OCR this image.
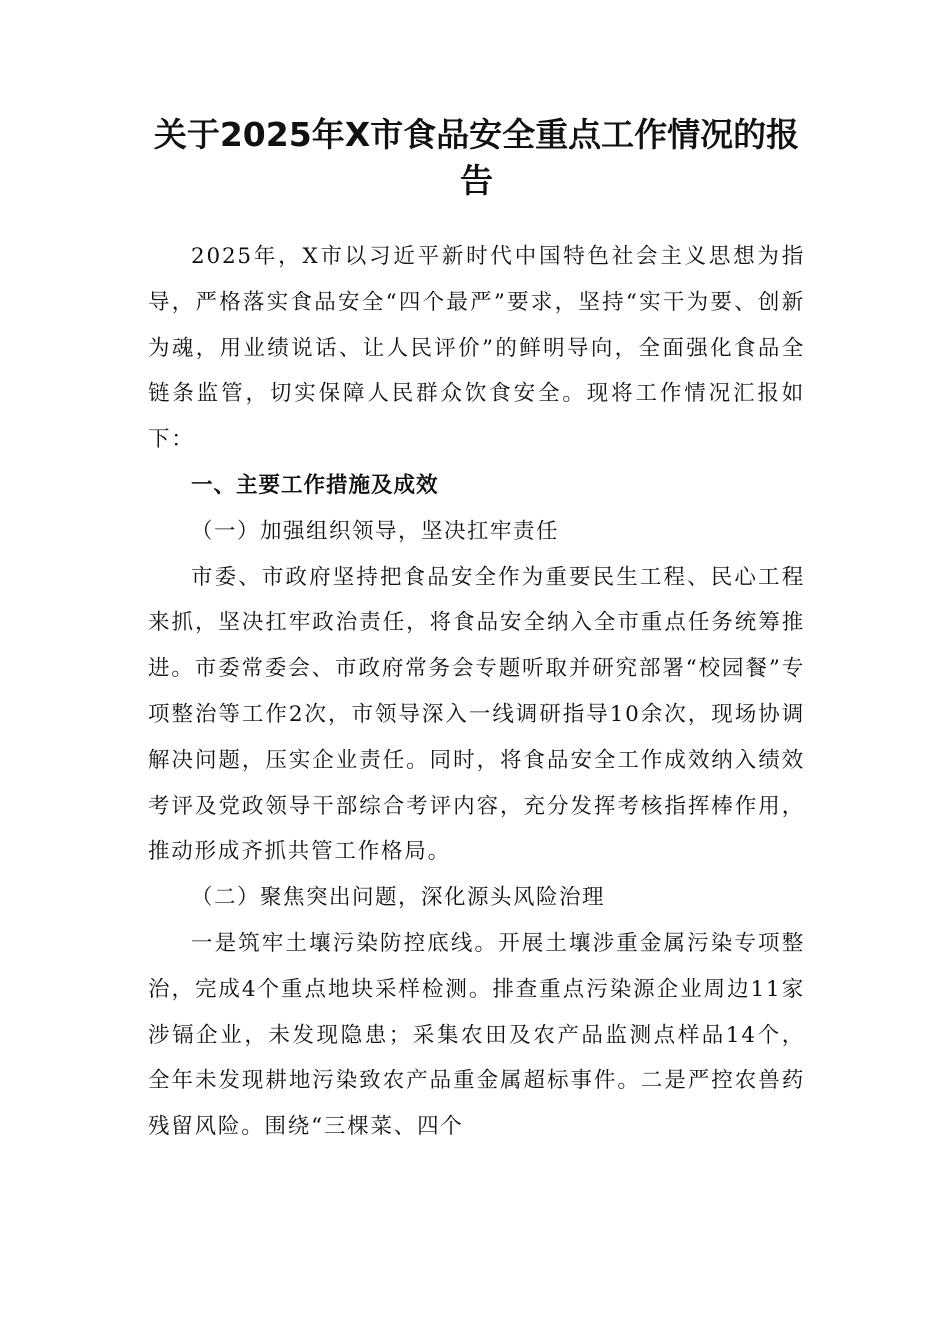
关于2025年X市食品安全重点工作情况的报告

2025年，X市以习近平新时代中国特色社会主义思想为指导，严格落实食品安全“四个最严”要求，坚持“实干为要、创新为魂，用业绩说话、让人民评价”的鲜明导向，全面强化食品全链条监管，切实保障人民群众饮食安全。现将工作情况汇报如下：

一、主要工作措施及成效

（一）加强组织领导，坚决扛牢责任

市委、市政府坚持把食品安全作为重要民生工程、民心工程来抓，坚决扛牢政治责任，将食品安全纳入全市重点任务统筹推进。市委常委会、市政府常务会专题听取并研究部署“校园餐”专项整治等工作2次，市领导深入一线调研指导10余次，现场协调解决问题，压实企业责任。同时，将食品安全工作成效纳入绩效考评及党政领导干部综合考评内容，充分发挥考核指挥棒作用，推动形成齐抓共管工作格局。

（二）聚焦突出问题，深化源头风险治理

一是筑牢土壤污染防控底线。开展土壤涉重金属污染专项整治，完成4个重点地块采样检测。排查重点污染源企业周边11家涉镉企业，未发现隐患；采集农田及农产品监测点样品14个，全年未发现耕地污染致农产品重金属超标事件。二是严控农兽药残留风险。围绕“三棵菜、四个
